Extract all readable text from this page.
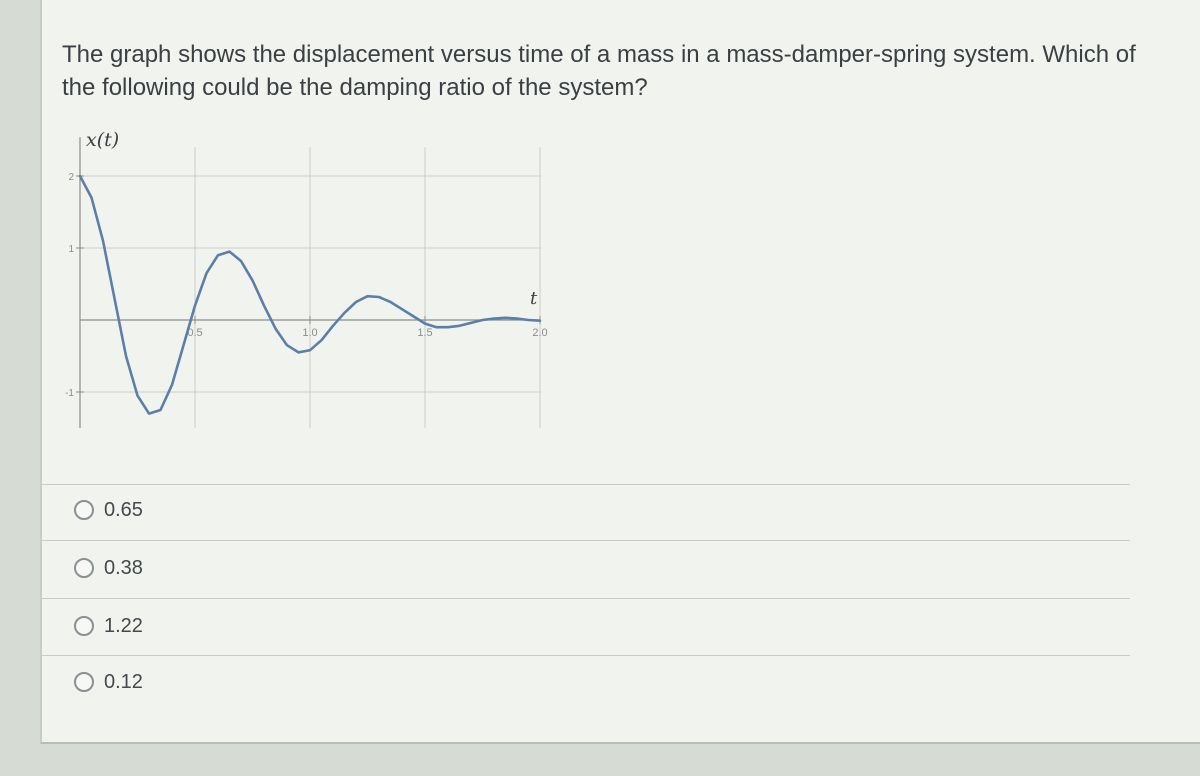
The graph shows the displacement versus time of a mass in a mass-damper-spring system. Which of the following could be the damping ratio of the system?
2
1
-1
0.5	1.0	1.5	2.0
x(t)
t
0.65
0.38
1.22
0.12
